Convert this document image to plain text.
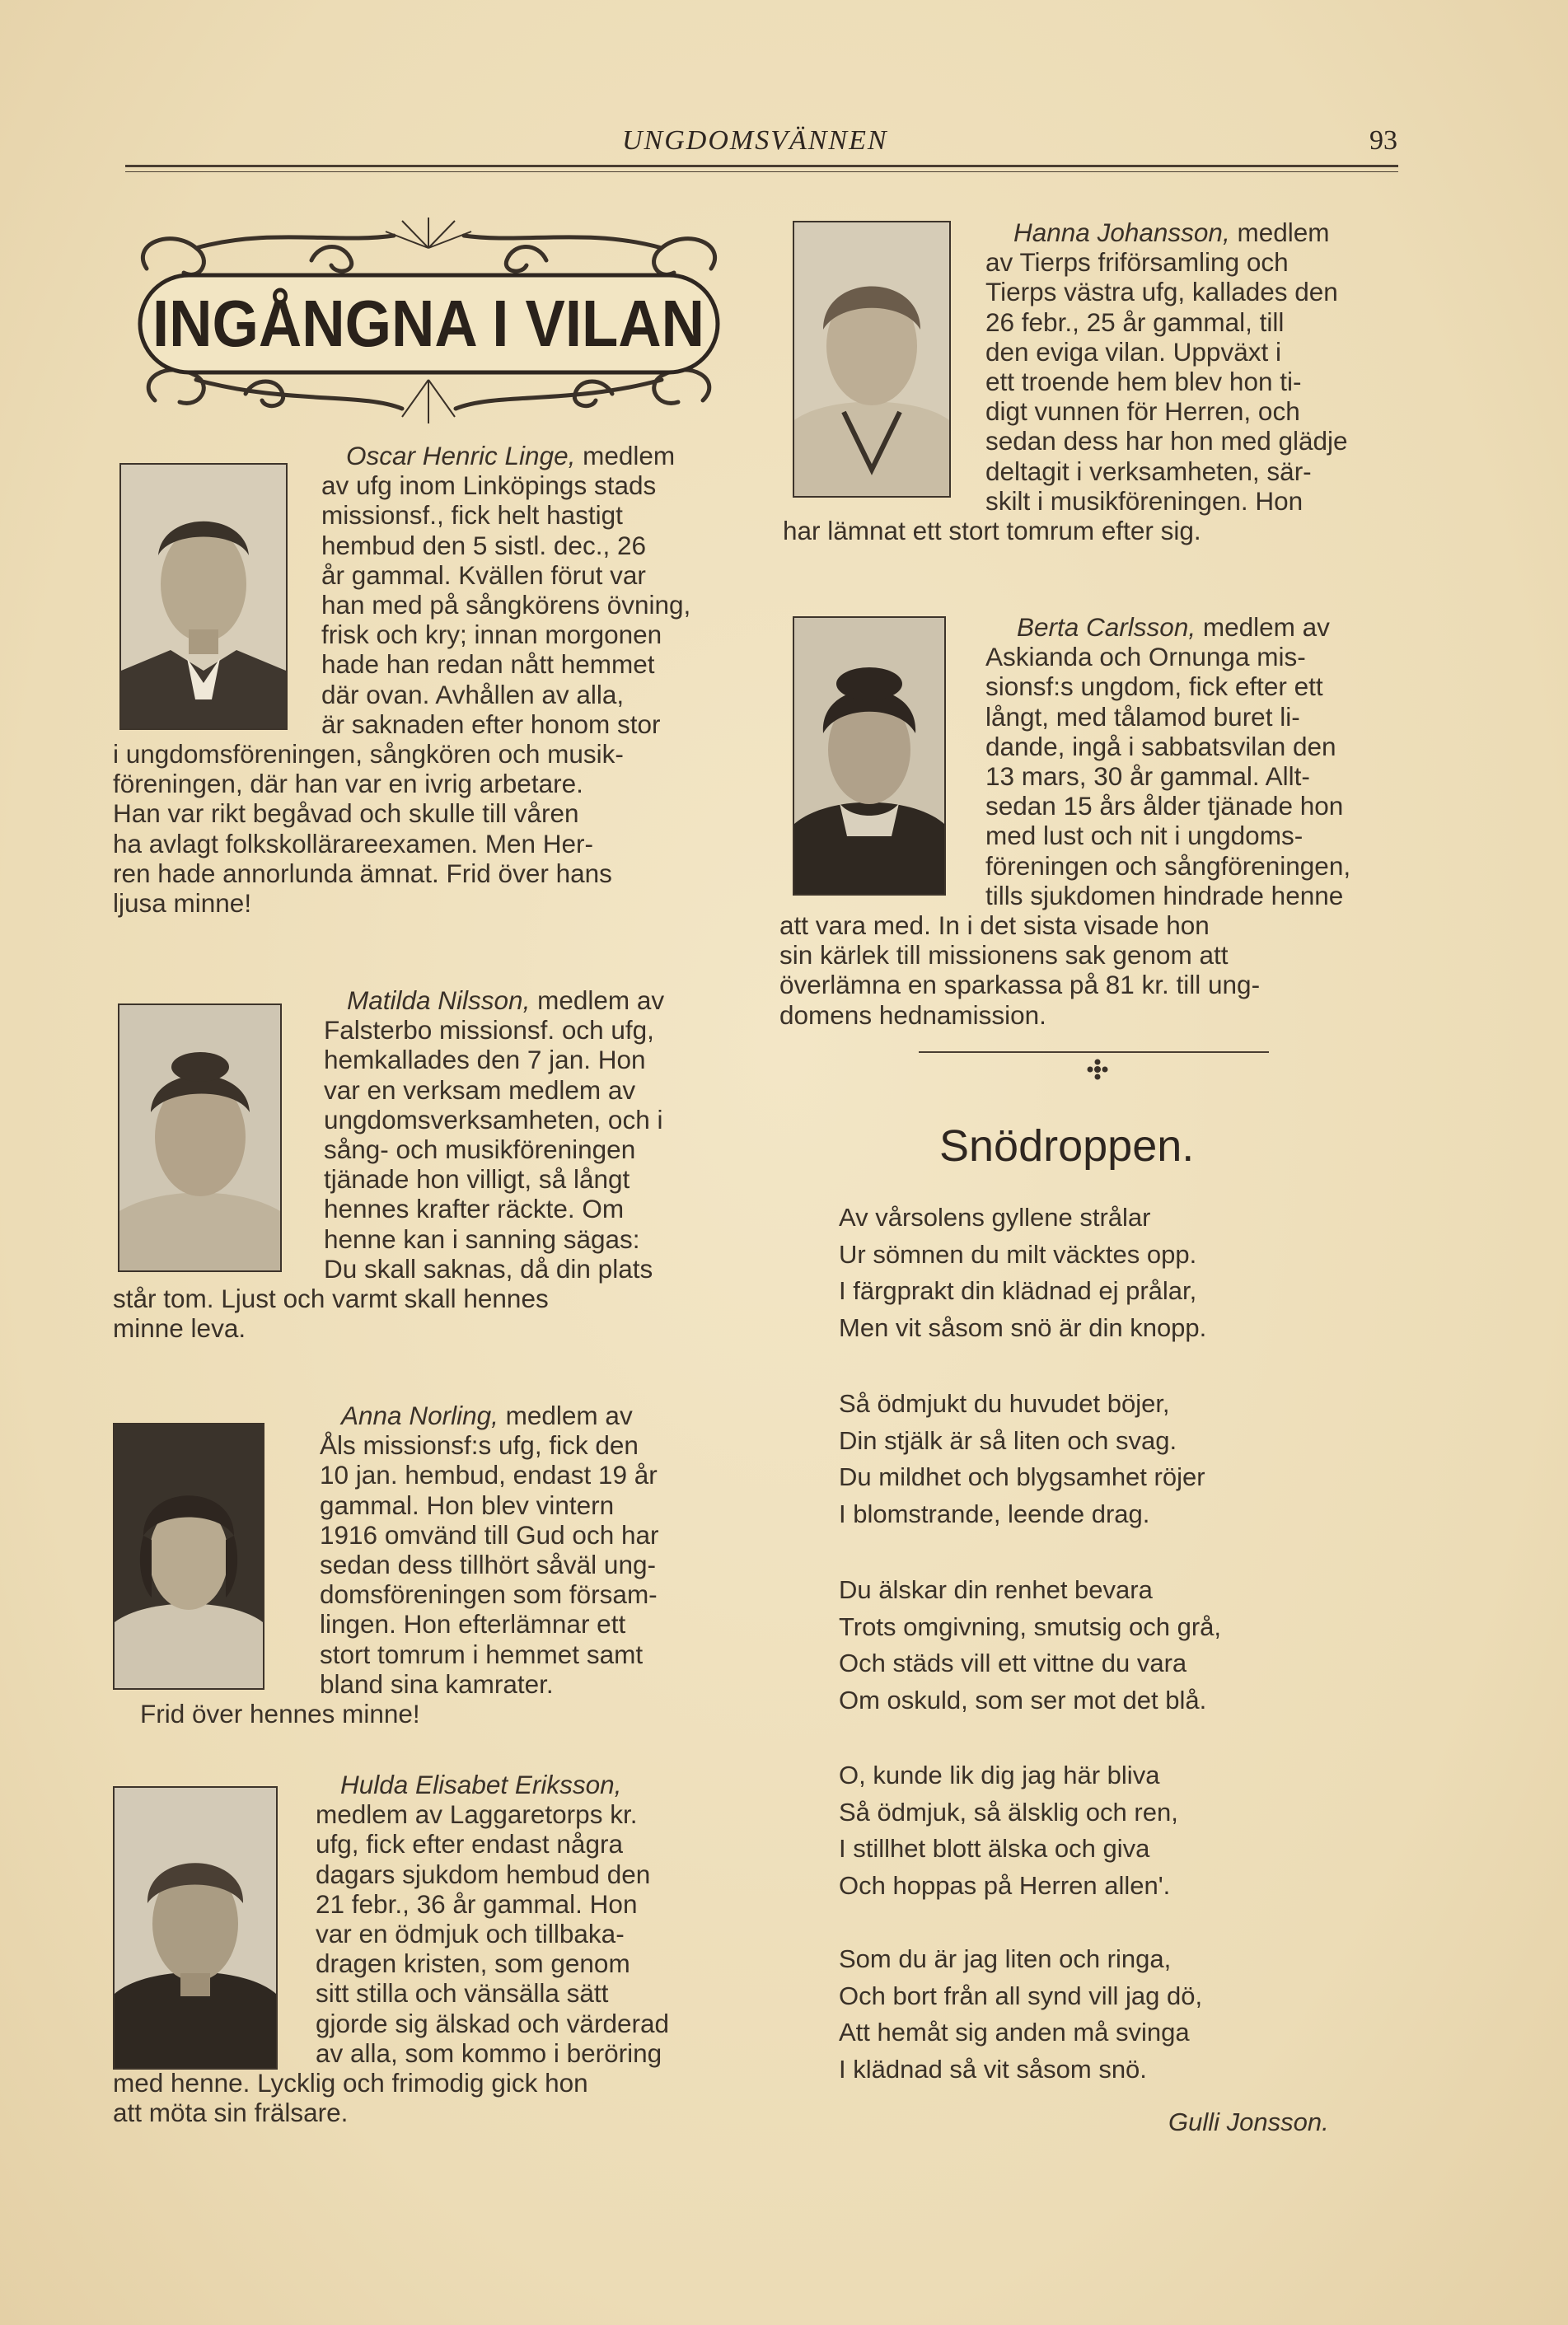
UNGDOMSVÄNNEN	93
INGÅNGNA I VILAN

Oscar Henric Linge, medlem

av ufg inom Linköpings stads

missionsf., fick helt hastigt

hembud den 5 sistl. dec., 26

år gammal. Kvällen förut var

han med på sångkörens övning,

frisk och kry; innan morgonen

hade han redan nått hemmet

där ovan. Avhållen av alla,

är saknaden efter honom stor

i ungdomsföreningen, sångkören och musik-

föreningen, där han var en ivrig arbetare.

Han var rikt begåvad och skulle till våren

ha avlagt folkskollärareexamen. Men Her-

ren hade annorlunda ämnat. Frid över hans

ljusa minne!

Matilda Nilsson, medlem av

Falsterbo missionsf. och ufg,

hemkallades den 7 jan. Hon

var en verksam medlem av

ungdomsverksamheten, och i

sång- och musikföreningen

tjänade hon villigt, så långt

hennes krafter räckte. Om

henne kan i sanning sägas:

Du skall saknas, då din plats

står tom. Ljust och varmt skall hennes

minne leva.

Anna Norling, medlem av

Åls missionsf:s ufg, fick den

10 jan. hembud, endast 19 år

gammal. Hon blev vintern

1916 omvänd till Gud och har

sedan dess tillhört såväl ung-

domsföreningen som försam-

lingen. Hon efterlämnar ett

stort tomrum i hemmet samt

bland sina kamrater.

Frid över hennes minne!

Hulda Elisabet Eriksson,

medlem av Laggaretorps kr.

ufg, fick efter endast några

dagars sjukdom hembud den

21 febr., 36 år gammal. Hon

var en ödmjuk och tillbaka-

dragen kristen, som genom

sitt stilla och vänsälla sätt

gjorde sig älskad och värderad

av alla, som kommo i beröring

med henne. Lycklig och frimodig gick hon

att möta sin frälsare.

Hanna Johansson, medlem

av Tierps friförsamling och

Tierps västra ufg, kallades den

26 febr., 25 år gammal, till

den eviga vilan. Uppväxt i

ett troende hem blev hon ti-

digt vunnen för Herren, och

sedan dess har hon med glädje

deltagit i verksamheten, sär-

skilt i musikföreningen. Hon

har lämnat ett stort tomrum efter sig.

Berta Carlsson, medlem av

Askianda och Ornunga mis-

sionsf:s ungdom, fick efter ett

långt, med tålamod buret li-

dande, ingå i sabbatsvilan den

13 mars, 30 år gammal. Allt-

sedan 15 års ålder tjänade hon

med lust och nit i ungdoms-

föreningen och sångföreningen,

tills sjukdomen hindrade henne

att vara med. In i det sista visade hon

sin kärlek till missionens sak genom att

överlämna en sparkassa på 81 kr. till ung-

domens hednamission.

Snödroppen.
Av vårsolens gyllene strålar
Ur sömnen du milt väcktes opp.
I färgprakt din klädnad ej prålar,
Men vit såsom snö är din knopp.
Så ödmjukt du huvudet böjer,
Din stjälk är så liten och svag.
Du mildhet och blygsamhet röjer
I blomstrande, leende drag.
Du älskar din renhet bevara
Trots omgivning, smutsig och grå,
Och städs vill ett vittne du vara
Om oskuld, som ser mot det blå.
O, kunde lik dig jag här bliva
Så ödmjuk, så älsklig och ren,
I stillhet blott älska och giva
Och hoppas på Herren allen'.
Som du är jag liten och ringa,
Och bort från all synd vill jag dö,
Att hemåt sig anden må svinga
I klädnad så vit såsom snö.
Gulli Jonsson.
